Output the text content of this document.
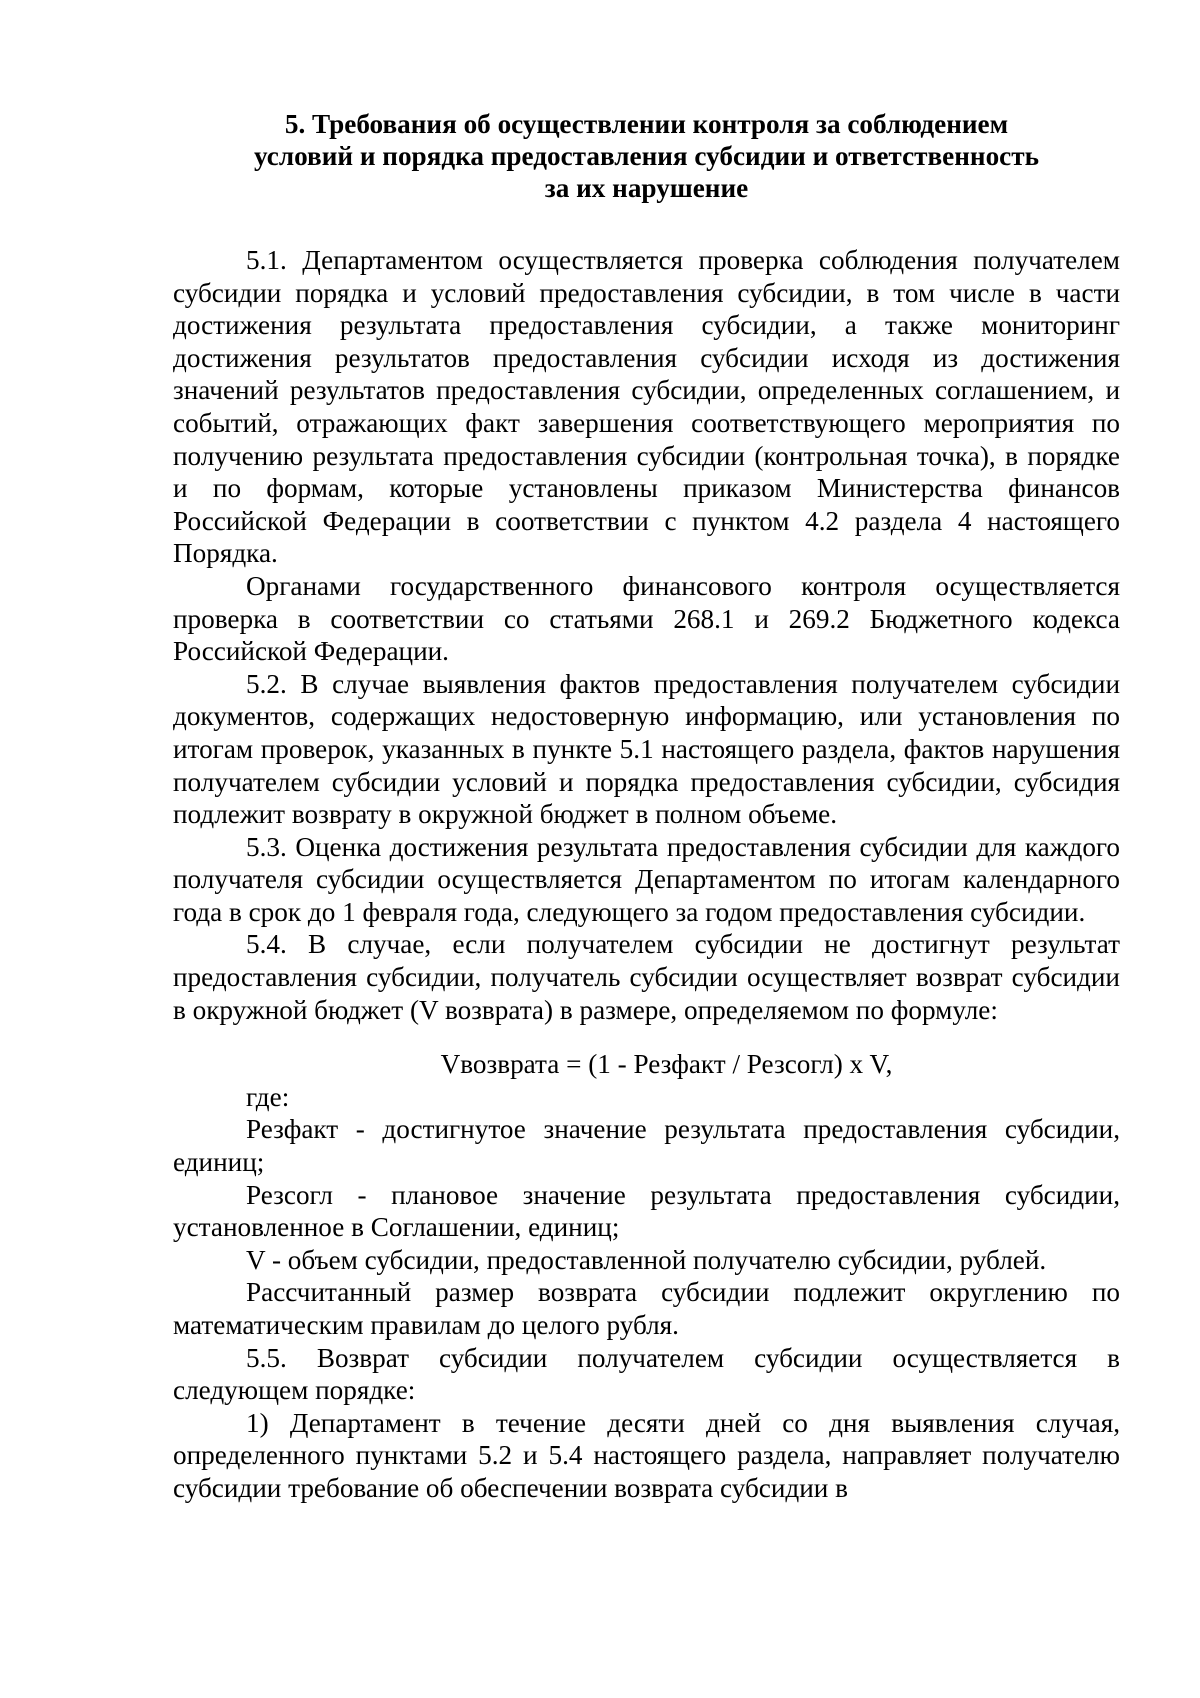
5. Требования об осуществлении контроля за соблюдением
условий и порядка предоставления субсидии и ответственность
за их нарушение

5.1. Департаментом осуществляется проверка соблюдения получателем субсидии порядка и условий предоставления субсидии, в том числе в части достижения результата предоставления субсидии, а также мониторинг достижения результатов предоставления субсидии исходя из достижения значений результатов предоставления субсидии, определенных соглашением, и событий, отражающих факт завершения соответствующего мероприятия по получению результата предоставления субсидии (контрольная точка), в порядке и по формам, которые установлены приказом Министерства финансов Российской Федерации в соответствии с пунктом 4.2 раздела 4 настоящего Порядка.

Органами государственного финансового контроля осуществляется проверка в соответствии со статьями 268.1 и 269.2 Бюджетного кодекса Российской Федерации.

5.2. В случае выявления фактов предоставления получателем субсидии документов, содержащих недостоверную информацию, или установления по итогам проверок, указанных в пункте 5.1 настоящего раздела, фактов нарушения получателем субсидии условий и порядка предоставления субсидии, субсидия подлежит возврату в окружной бюджет в полном объеме.

5.3. Оценка достижения результата предоставления субсидии для каждого получателя субсидии осуществляется Департаментом по итогам календарного года в срок до 1 февраля года, следующего за годом предоставления субсидии.

5.4. В случае, если получателем субсидии не достигнут результат предоставления субсидии, получатель субсидии осуществляет возврат субсидии в окружной бюджет (V возврата) в размере, определяемом по формуле:

Vвозврата = (1 - Резфакт / Резсогл) x V,

где:

Резфакт - достигнутое значение результата предоставления субсидии, единиц;

Резсогл - плановое значение результата предоставления субсидии, установленное в Соглашении, единиц;

V - объем субсидии, предоставленной получателю субсидии, рублей.

Рассчитанный размер возврата субсидии подлежит округлению по математическим правилам до целого рубля.

5.5. Возврат субсидии получателем субсидии осуществляется в следующем порядке:

1) Департамент в течение десяти дней со дня выявления случая, определенного пунктами 5.2 и 5.4 настоящего раздела, направляет получателю субсидии требование об обеспечении возврата субсидии в
